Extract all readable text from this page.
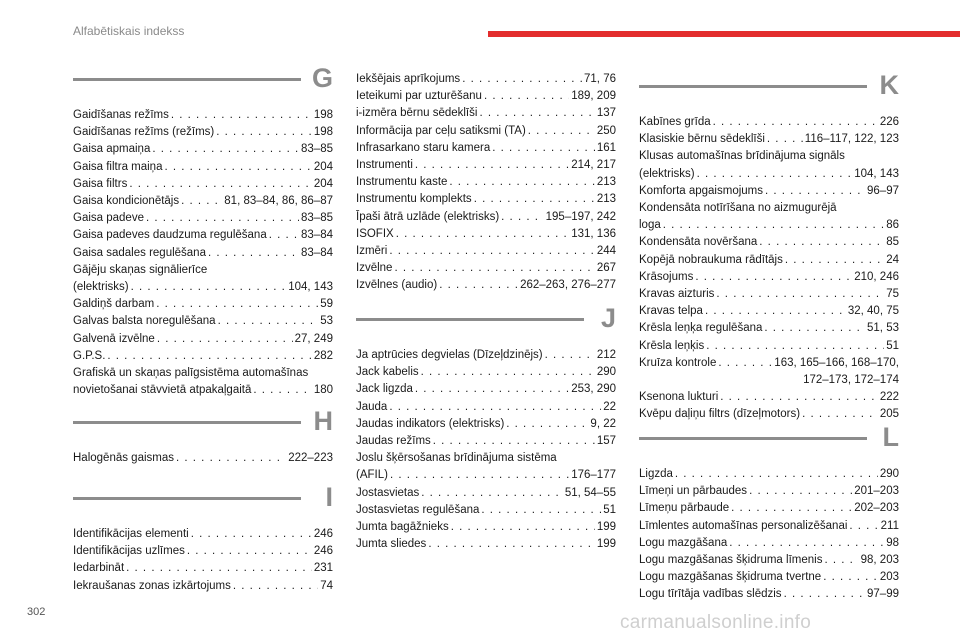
Alfabētiskais indekss
G
Gaidīšanas režīms . . .	198
Gaidīšanas režīms (režīms) . . .	198
Gaisa apmaiņa . . .	83–85
Gaisa filtra maiņa . . .	204
Gaisa filtrs . . .	204
Gaisa kondicionētājs . . .	81, 83–84, 86, 86–87
Gaisa padeve . . .	83–85
Gaisa padeves daudzuma regulēšana . . .	83–84
Gaisa sadales regulēšana . . .	83–84
Gājēju skaņas signālierīce
(elektrisks) . . .	104, 143
Galdiņš darbam . . .	59
Galvas balsta noregulēšana . . .	53
Galvenā izvēlne . . .	27, 249
G.P.S. . . .	282
Grafiskā un skaņas palīgsistēma automašīnas
novietošanai stāvvietā atpakaļgaitā . . .	180
H
Halogēnās gaismas . . .	222–223
I
Identifikācijas elementi . . .	246
Identifikācijas uzlīmes . . .	246
Iedarbināt . . .	231
Iekraušanas zonas izkārtojums . . .	74
Iekšējais aprīkojums . . .	71, 76
Ieteikumi par uzturēšanu . . .	189, 209
i-izmēra bērnu sēdeklīši . . .	137
Informācija par ceļu satiksmi (TA) . . .	250
Infrasarkano staru kamera . . .	161
Instrumenti . . .	214, 217
Instrumentu kaste . . .	213
Instrumentu komplekts . . .	213
Īpaši ātrā uzlāde (elektrisks) . . .	195–197, 242
ISOFIX . . .	131, 136
Izmēri . . .	244
Izvēlne . . .	267
Izvēlnes (audio) . . .	262–263, 276–277
J
Ja aptrūcies degvielas (Dīzeļdzinējs) . . .	212
Jack kabelis . . .	290
Jack ligzda . . .	253, 290
Jauda . . .	22
Jaudas indikators (elektrisks) . . .	9, 22
Jaudas režīms . . .	157
Joslu šķērsošanas brīdinājuma sistēma
(AFIL) . . .	176–177
Jostasvietas . . .	51, 54–55
Jostasvietas regulēšana . . .	51
Jumta bagāžnieks . . .	199
Jumta sliedes . . .	199
K
Kabīnes grīda . . .	226
Klasiskie bērnu sēdeklīši . . .	116–117, 122, 123
Klusas automašīnas brīdinājuma signāls
(elektrisks) . . .	104, 143
Komforta apgaismojums . . .	96–97
Kondensāta notīrīšana no aizmugurējā
loga . . .	86
Kondensāta novēršana . . .	85
Kopējā nobraukuma rādītājs . . .	24
Krāsojums . . .	210, 246
Kravas aizturis . . .	75
Kravas telpa . . .	32, 40, 75
Krēsla leņķa regulēšana . . .	51, 53
Krēsla leņķis . . .	51
Kruīza kontrole . . .	163, 165–166, 168–170,
172–173, 172–174
Ksenona lukturi . . .	222
Kvēpu daļiņu filtrs (dīzeļmotors) . . .	205
L
Ligzda . . .	290
Līmeņi un pārbaudes . . .	201–203
Līmeņu pārbaude . . .	202–203
Līmlentes automašīnas personalizēšanai . . .	211
Logu mazgāšana . . .	98
Logu mazgāšanas šķidruma līmenis . . .	98, 203
Logu mazgāšanas šķidruma tvertne . . .	203
Logu tīrītāja vadības slēdzis . . .	97–99
302	carmanualsonline.info
